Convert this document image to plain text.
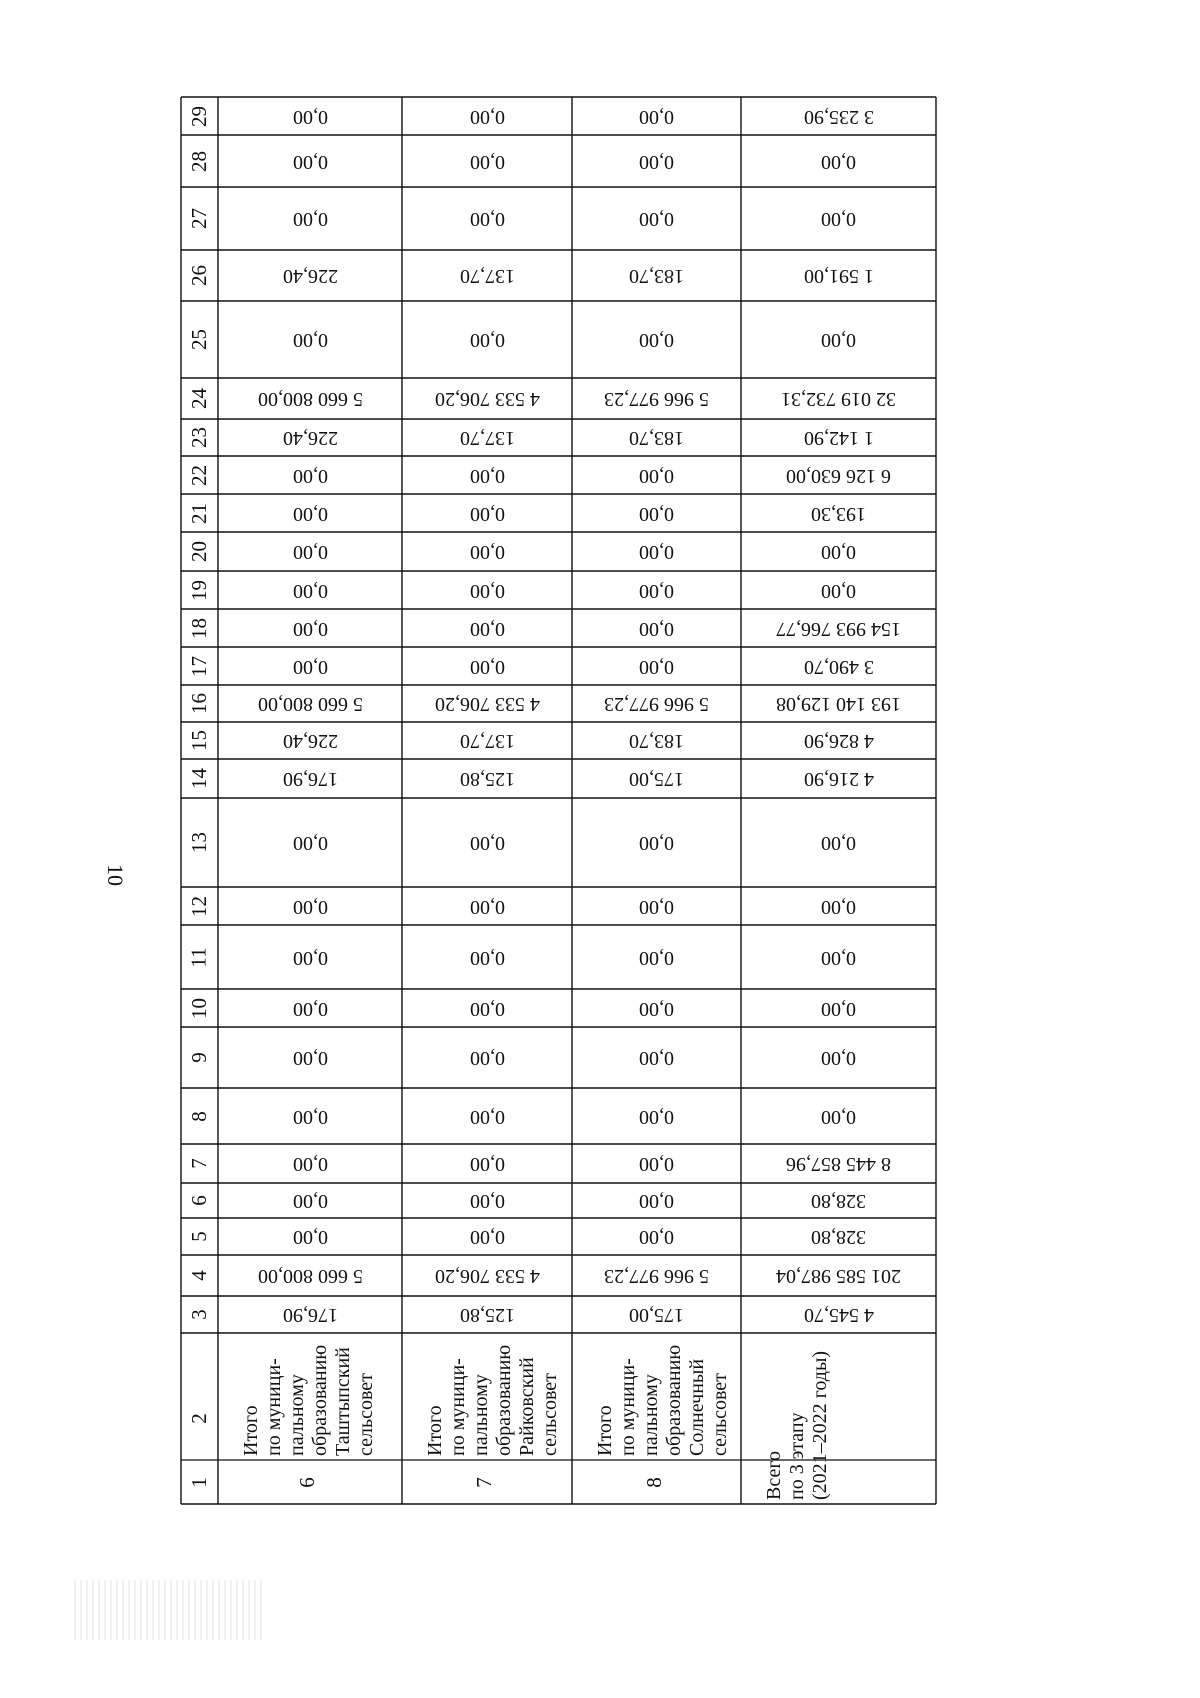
10
29
28
27
26
25
24
23
22
21
20
19
18
17
16
15
14
13
12
11
10
9
8
7
6
5
4
3
2
1
176,90
5 660 800,00
0,00
0,00
0,00
0,00
0,00
0,00
0,00
0,00
0,00
176,90
226,40
5 660 800,00
0,00
0,00
0,00
0,00
0,00
0,00
226,40
5 660 800,00
0,00
226,40
0,00
0,00
0,00
Итого
по муници-
пальному
образованию
Таштыпский
сельсовет
6
125,80
4 533 706,20
0,00
0,00
0,00
0,00
0,00
0,00
0,00
0,00
0,00
125,80
137,70
4 533 706,20
0,00
0,00
0,00
0,00
0,00
0,00
137,70
4 533 706,20
0,00
137,70
0,00
0,00
0,00
Итого
по муници-
пальному
образованию
Райковский
сельсовет
7
175,00
5 966 977,23
0,00
0,00
0,00
0,00
0,00
0,00
0,00
0,00
0,00
175,00
183,70
5 966 977,23
0,00
0,00
0,00
0,00
0,00
0,00
183,70
5 966 977,23
0,00
183,70
0,00
0,00
0,00
Итого
по муници-
пальному
образованию
Солнечный
сельсовет
8
4 545,70
201 585 987,04
328,80
328,80
8 445 857,96
0,00
0,00
0,00
0,00
0,00
0,00
4 216,90
4 826,90
193 140 129,08
3 490,70
154 993 766,77
0,00
0,00
193,30
6 126 630,00
1 142,90
32 019 732,31
0,00
1 591,00
0,00
0,00
3 235,90
Всего
по 3 этапу
(2021–2022 годы)
